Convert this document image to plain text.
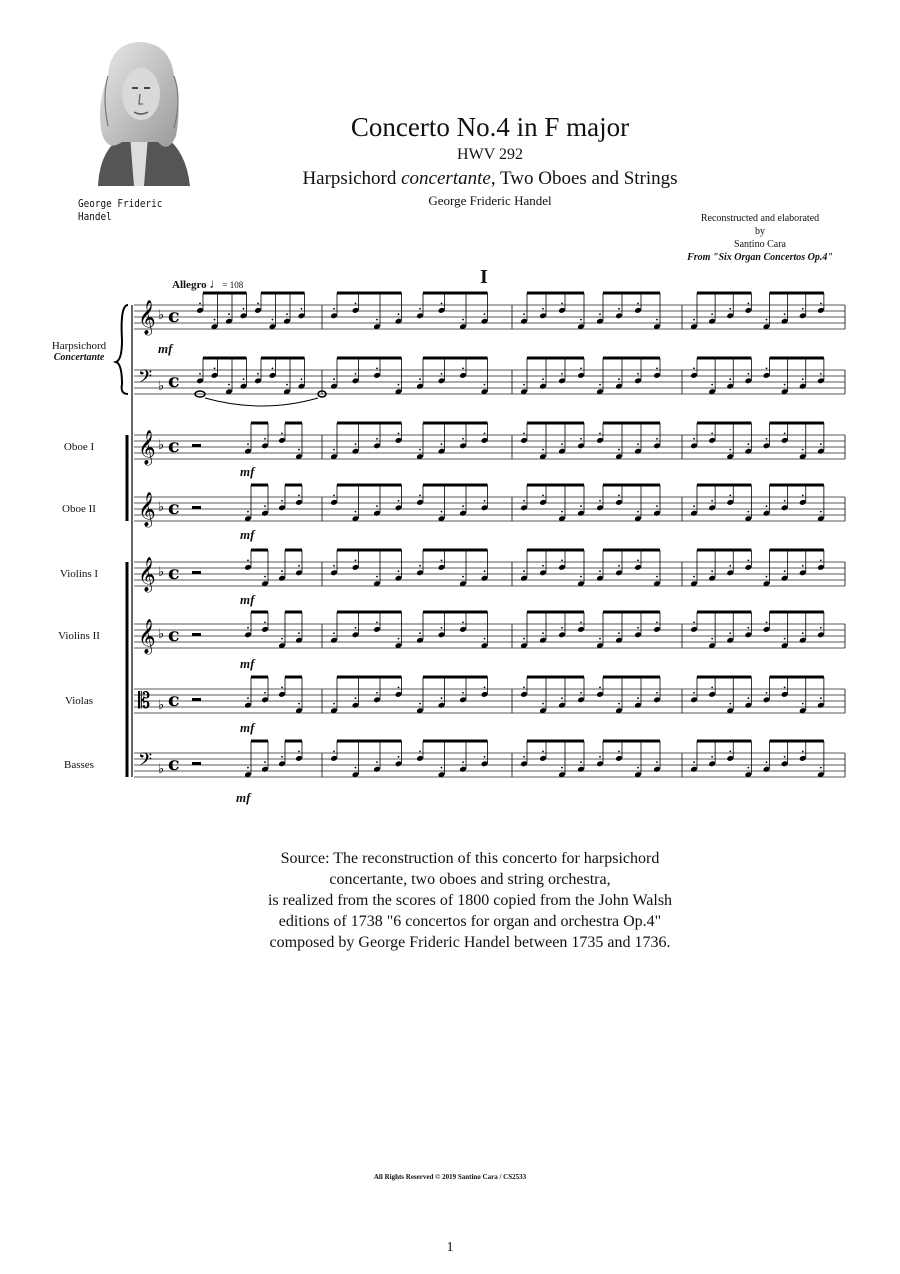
George Frideric Handel
Concerto No.4 in F major
HWV 292
Harpsichord concertante, Two Oboes and Strings
George Frideric Handel
Reconstructed and elaborated
by
Santino Cara
From "Six Organ Concertos Op.4"
I
Allegro ♩= 108
Harpsichord
Concertante
Oboe I
Oboe II
Violins I
Violins II
Violas
Basses
mf
mf
mf
mf
mf
mf
mf
𝄞 ♭ c
𝄢 ♭ c
𝄞 ♭ c
𝄞 ♭ c
𝄞 ♭ c
𝄞 ♭ c
𝄡 ♭ c
𝄢 ♭ c
Source: The reconstruction of this concerto for harpsichord
concertante, two oboes and string orchestra,
is realized from the scores of 1800 copied from the John Walsh
editions of 1738 "6 concertos for organ and orchestra Op.4"
composed by George Frideric Handel between 1735 and 1736.
All Rights Reserved © 2019 Santino Cara / CS2533
1
